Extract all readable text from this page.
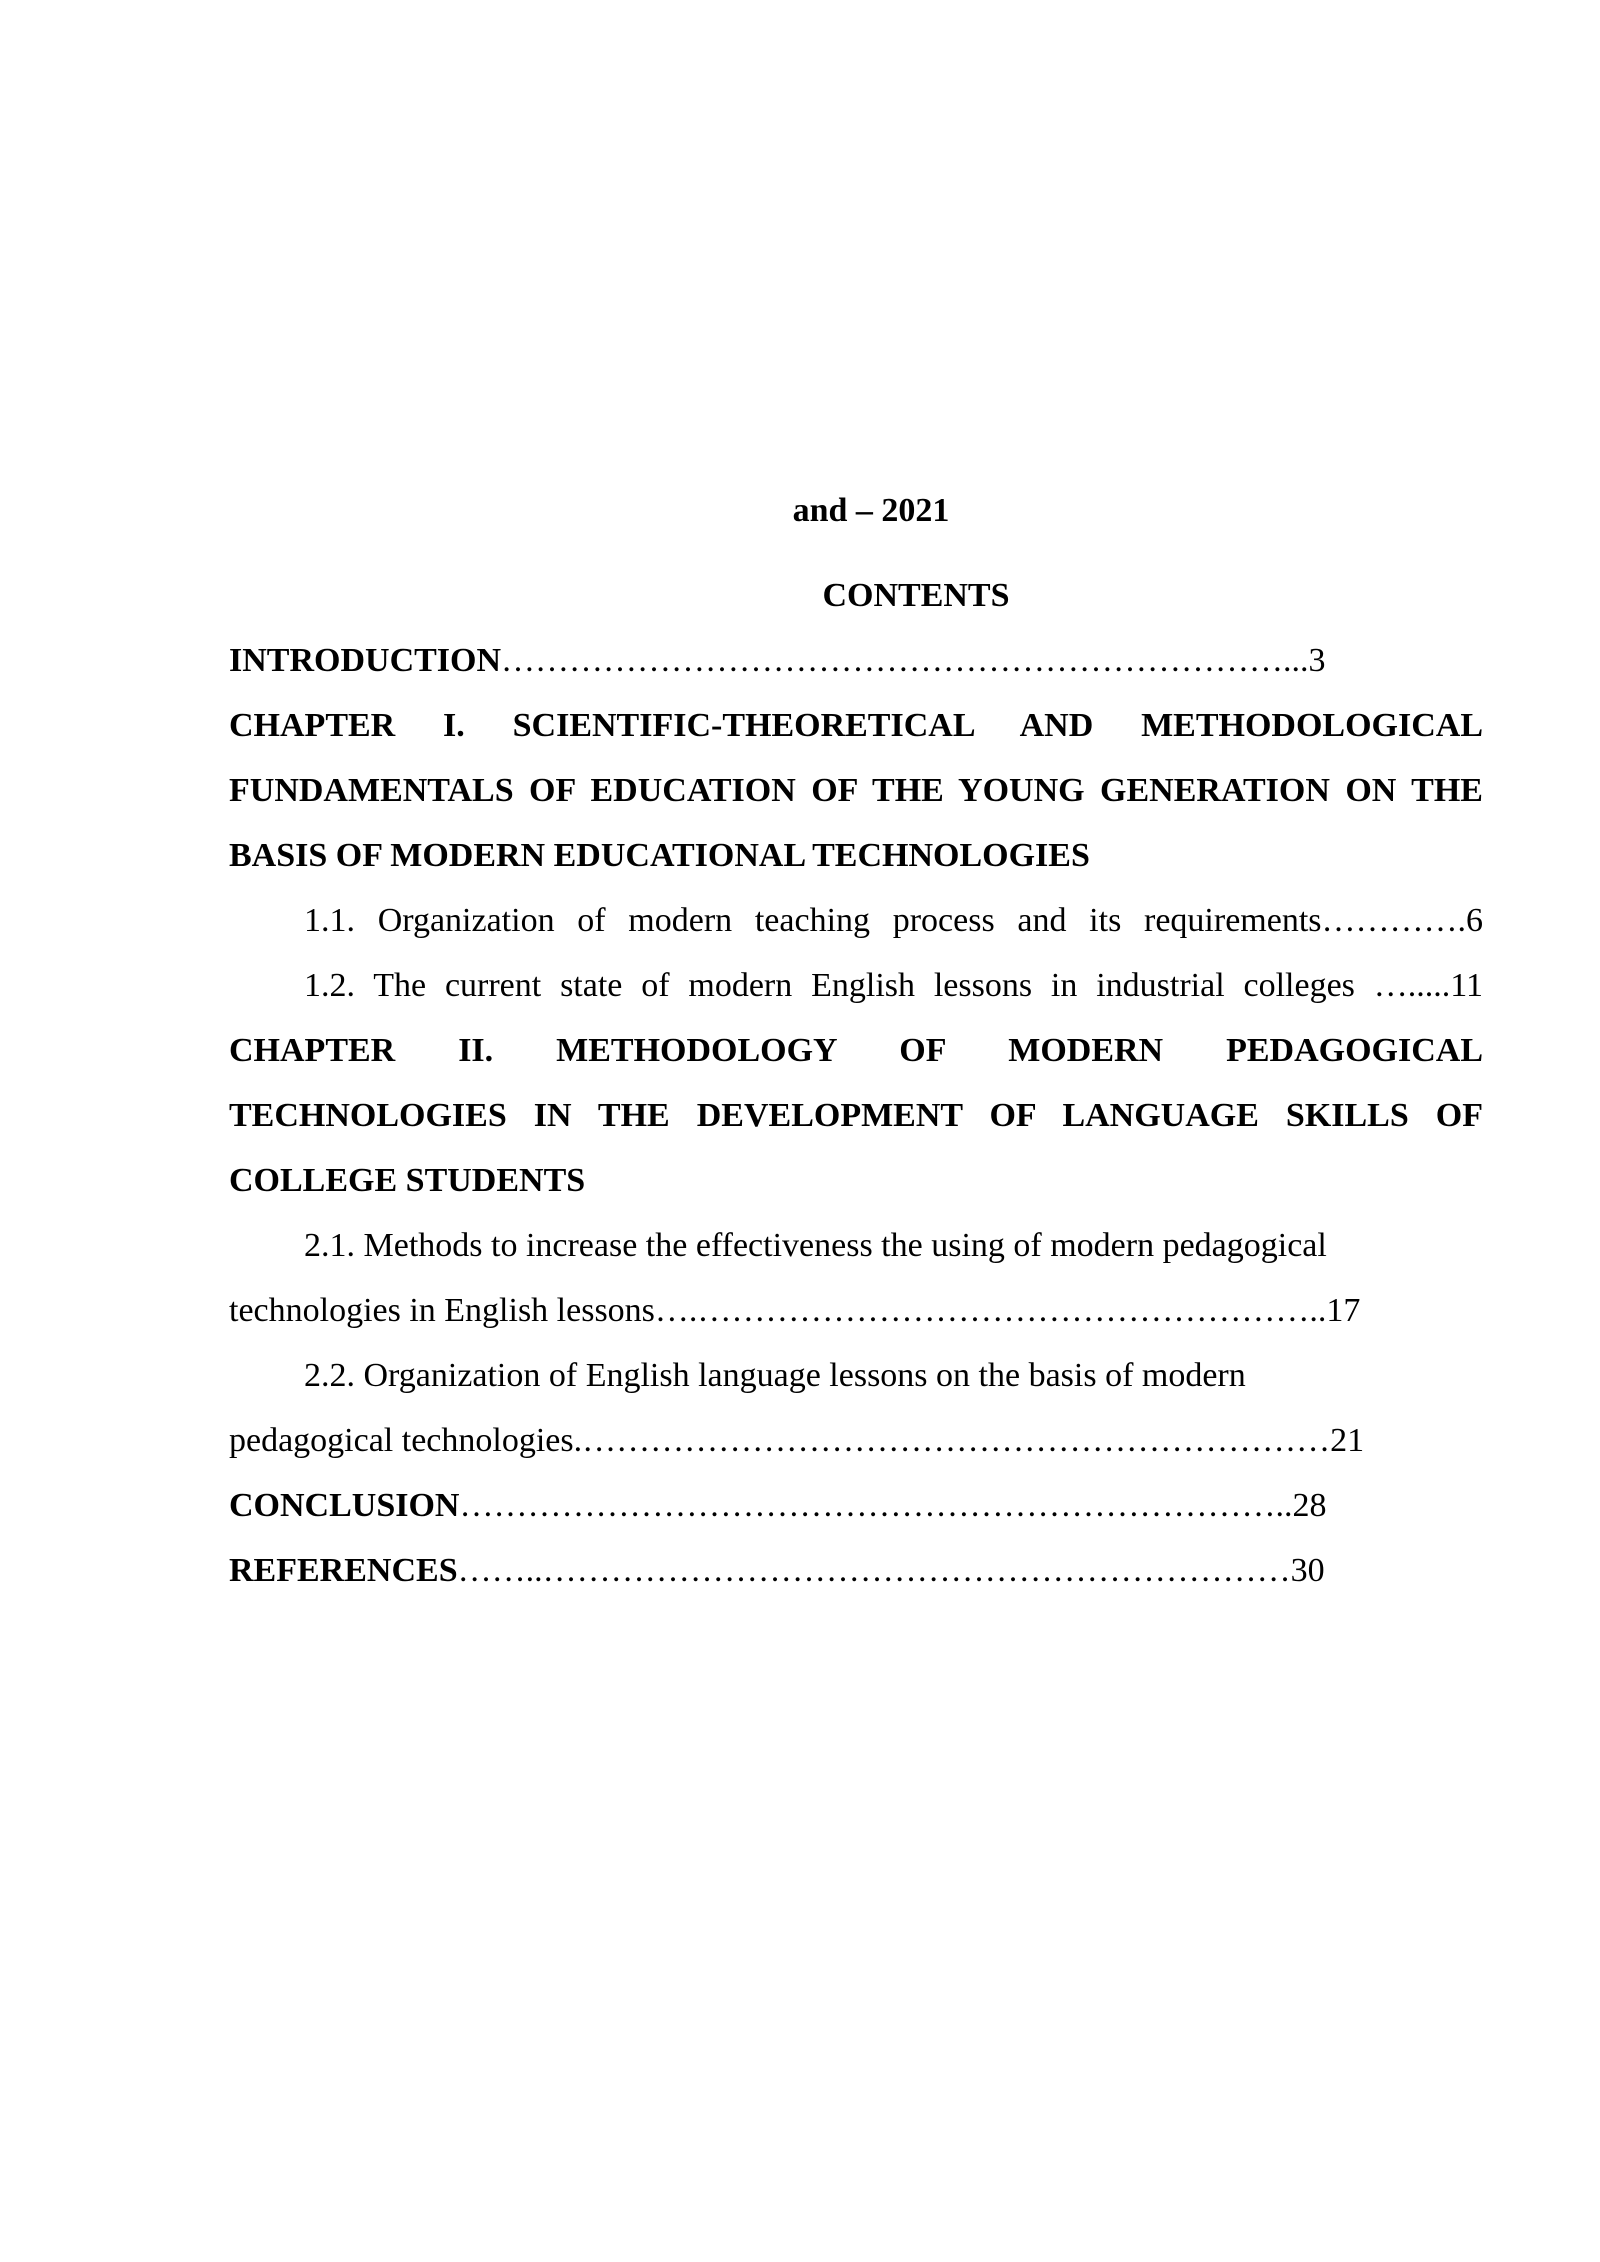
and – 2021

CONTENTS

INTRODUCTION……………………………………………………………...3

CHAPTER I. SCIENTIFIC-THEORETICAL AND METHODOLOGICAL FUNDAMENTALS OF EDUCATION OF THE YOUNG GENERATION ON THE BASIS OF MODERN EDUCATIONAL TECHNOLOGIES

1.1. Organization of modern teaching process and its requirements………….6

1.2. The current state of modern English lessons in industrial colleges ….....11

CHAPTER II. METHODOLOGY OF MODERN PEDAGOGICAL TECHNOLOGIES IN THE DEVELOPMENT OF LANGUAGE SKILLS OF COLLEGE STUDENTS

2.1. Methods to increase the effectiveness the using of modern pedagogical

technologies in English lessons….………………………………………………..17

2.2. Organization of English language lessons on the basis of modern

pedagogical technologies.…………………………………………………………21

CONCLUSION………………………………………………………………..28

REFERENCES……..…………………………………………………………30
